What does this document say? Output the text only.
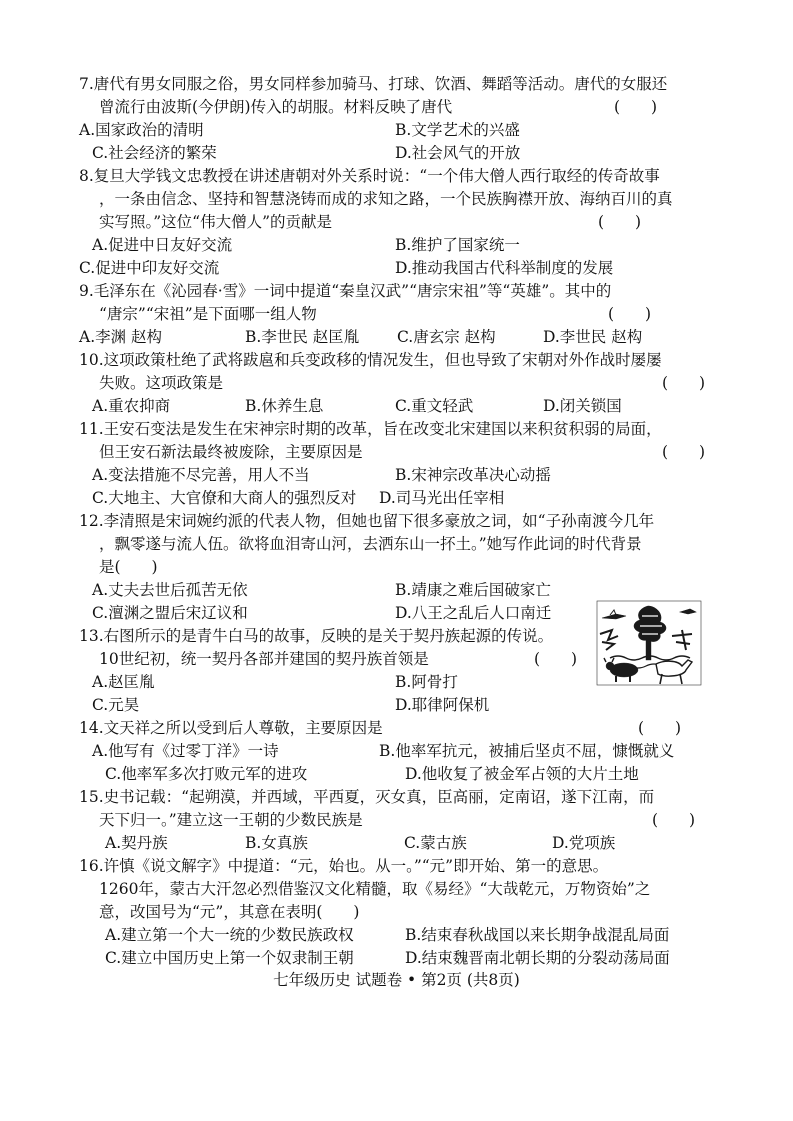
7.唐代有男女同服之俗，男女同样参加骑马、打球、饮酒、舞蹈等活动。唐代的女服还
曾流行由波斯(今伊朗)传入的胡服。材料反映了唐代	(　　)
A.国家政治的清明	B.文学艺术的兴盛
C.社会经济的繁荣	D.社会风气的开放
8.复旦大学钱文忠教授在讲述唐朝对外关系时说：“一个伟大僧人西行取经的传奇故事
，一条由信念、坚持和智慧浇铸而成的求知之路，一个民族胸襟开放、海纳百川的真
实写照。”这位“伟大僧人”的贡献是	(　　)
A.促进中日友好交流	B.维护了国家统一
C.促进中印友好交流	D.推动我国古代科举制度的发展
9.毛泽东在《沁园春·雪》一词中提道“秦皇汉武”“唐宗宋祖”等“英雄”。其中的
“唐宗”“宋祖”是下面哪一组人物	(　　)
A.李渊 赵构	B.李世民 赵匡胤 C.唐玄宗 赵构	D.李世民 赵构
10.这项政策杜绝了武将跋扈和兵变政移的情况发生，但也导致了宋朝对外作战时屡屡
失败。这项政策是	(　　)
A.重农抑商	B.休养生息	C.重文轻武	D.闭关锁国
11.王安石变法是发生在宋神宗时期的改革，旨在改变北宋建国以来积贫积弱的局面，
但王安石新法最终被废除，主要原因是	(　　)
A.变法措施不尽完善，用人不当	B.宋神宗改革决心动摇
C.大地主、大官僚和大商人的强烈反对 D.司马光出任宰相
12.李清照是宋词婉约派的代表人物，但她也留下很多豪放之词，如“子孙南渡今几年
，飘零遂与流人伍。欲将血泪寄山河，去洒东山一抔土。”她写作此词的时代背景
是(　　)
A.丈夫去世后孤苦无依	B.靖康之难后国破家亡
C.澶渊之盟后宋辽议和	D.八王之乱后人口南迁
13.右图所示的是青牛白马的故事，反映的是关于契丹族起源的传说。
10世纪初，统一契丹各部并建国的契丹族首领是	(　　)
A.赵匡胤	B.阿骨打
C.元昊	D.耶律阿保机
14.文天祥之所以受到后人尊敬，主要原因是	(　　)
A.他写有《过零丁洋》一诗	B.他率军抗元，被捕后坚贞不屈，慷慨就义
C.他率军多次打败元军的进攻	D.他收复了被金军占领的大片土地
15.史书记载：“起朔漠，并西域，平西夏，灭女真，臣高丽，定南诏，遂下江南，而
天下归一。”建立这一王朝的少数民族是	(　　)
A.契丹族	B.女真族	C.蒙古族	D.党项族
16.许慎《说文解字》中提道：“元，始也。从一。”“元”即开始、第一的意思。
1260年，蒙古大汗忽必烈借鉴汉文化精髓，取《易经》“大哉乾元，万物资始”之
意，改国号为“元”，其意在表明(　　)
A.建立第一个大一统的少数民族政权	B.结束春秋战国以来长期争战混乱局面
C.建立中国历史上第一个奴隶制王朝	D.结束魏晋南北朝长期的分裂动荡局面
七年级历史 试题卷 • 第2页 (共8页)
